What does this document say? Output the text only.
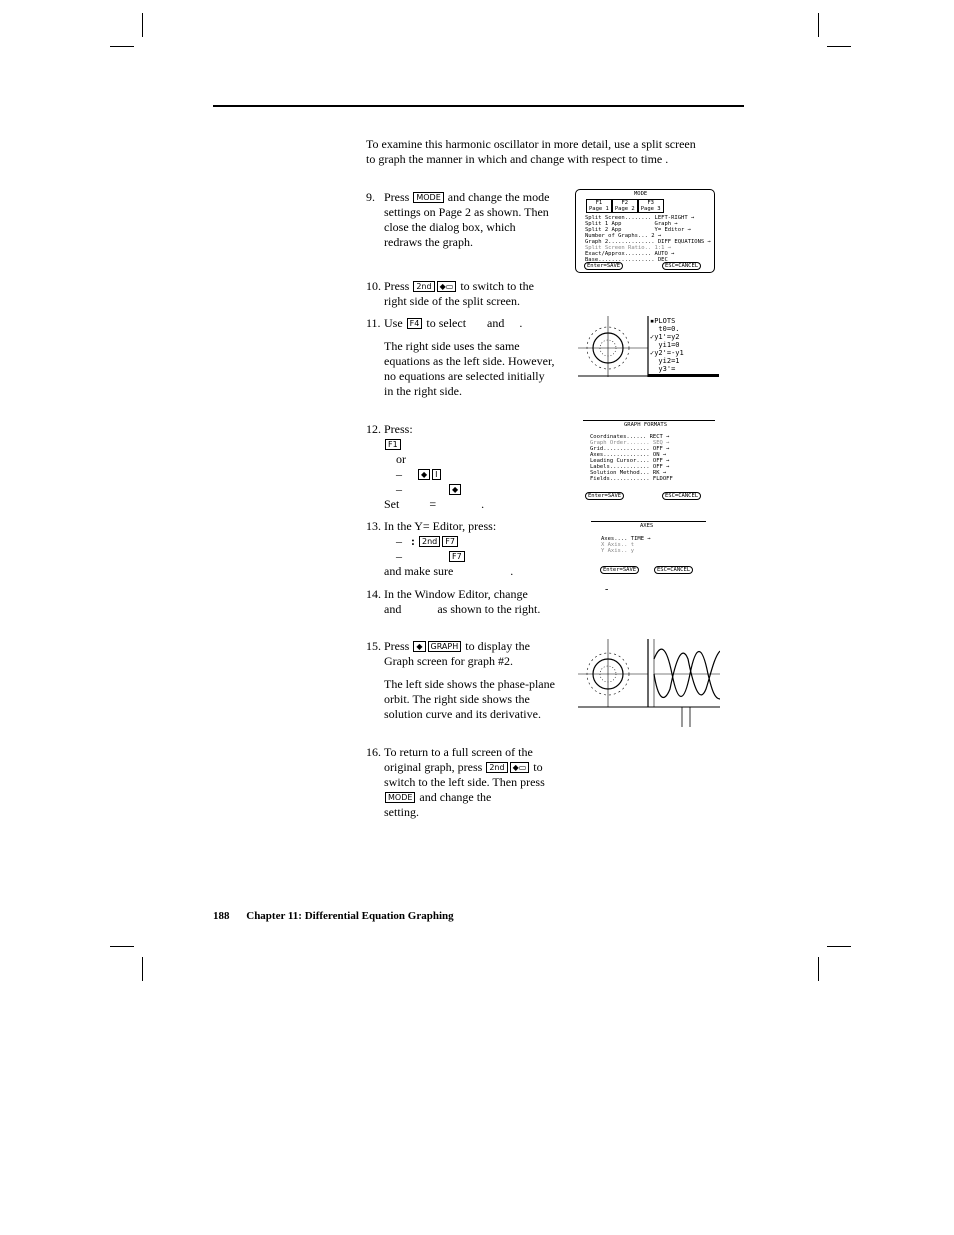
To examine this harmonic oscillator in more detail, use a split screen
to graph the manner in which and change with respect to time .
9. Press MODE and change the mode settings on Page 2 as shown. Then close the dialog box, which redraws the graph.
10. Press 2nd ◆▭ to switch to the right side of the split screen.
11. Use F4 to select       and     .
The right side uses the same equations as the left side. However, no equations are selected initially in the right side.
12. Press:
F1
or
– ◆ I
–	◆
Set          =               .
13. In the Y= Editor, press:
– : 2nd F7
–	F7
and make sure                   .
14. In the Window Editor, change          and            as shown to the right.
15. Press ◆ GRAPH to display the Graph screen for graph #2.
The left side shows the phase-plane orbit. The right side shows the solution curve and its derivative.
16. To return to a full screen of the original graph, press 2nd ◆▭ to switch to the left side. Then press MODE and change the                   setting.
MODE
F1
Page 1
F2
Page 2
F3
Page 3
Split Screen........ LEFT-RIGHT →
Split 1 App          Graph →
Split 2 App          Y= Editor →
Number of Graphs... 2 →
Graph 2.............. DIFF EQUATIONS →
Split Screen Ratio.. 1:1 →
Exact/Approx........ AUTO →
Base................. DEC
Enter=SAVE	ESC=CANCEL
▪PLOTS
t0=0.
✓y1'=y2
yi1=0
✓y2'=-y1
yi2=1
y3'=
GRAPH FORMATS
Coordinates...... RECT →
Graph Order....... SEQ →
Grid.............. OFF →
Axes.............. ON →
Leading Cursor.... OFF →
Labels............ OFF →
Solution Method... RK →
Fields............ FLDOFF
Enter=SAVE	ESC=CANCEL
AXES
Axes.... TIME →
X Axis.. t
Y Axis.. y
Enter=SAVE	ESC=CANCEL
-
188 Chapter 11: Differential Equation Graphing
